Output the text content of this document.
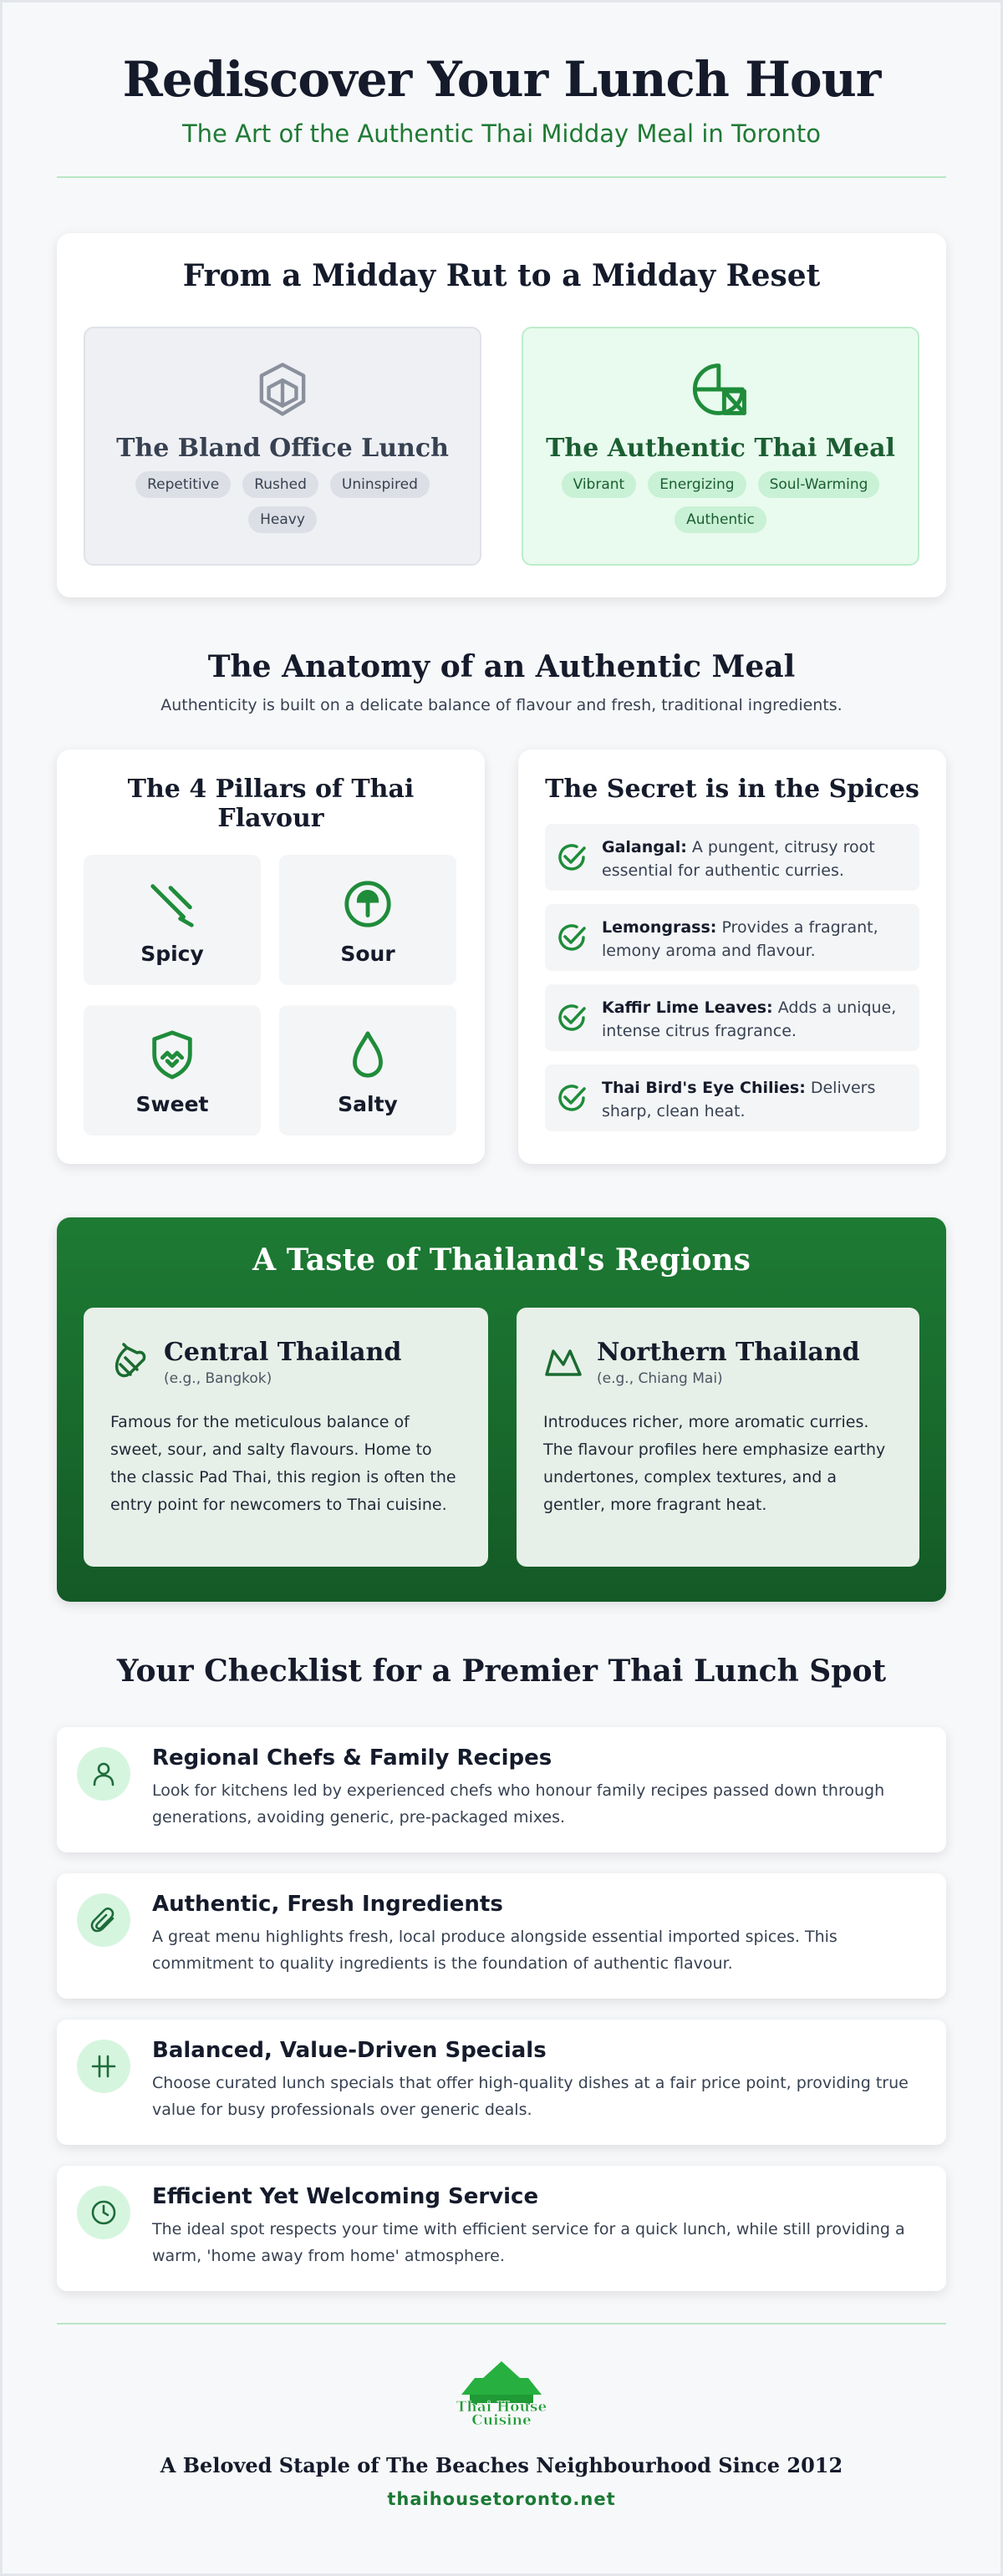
Rediscover Your Lunch Hour
The Art of the Authentic Thai Midday Meal in Toronto
From a Midday Rut to a Midday Reset
The Bland Office Lunch
Repetitive	Rushed	Uninspired
Heavy
The Authentic Thai Meal
Vibrant	Energizing	Soul-Warming
Authentic
The Anatomy of an Authentic Meal

Authenticity is built on a delicate balance of flavour and fresh, traditional ingredients.

The 4 Pillars of Thai Flavour
Spicy	Sour
Sweet	Salty
The Secret is in the Spices
Galangal: A pungent, citrusy root essential for authentic curries.
Lemongrass: Provides a fragrant, lemony aroma and flavour.
Kaffir Lime Leaves: Adds a unique, intense citrus fragrance.
Thai Bird's Eye Chilies: Delivers sharp, clean heat.
A Taste of Thailand's Regions
Central Thailand
(e.g., Bangkok)

Famous for the meticulous balance of sweet, sour, and salty flavours. Home to the classic Pad Thai, this region is often the entry point for newcomers to Thai cuisine.

Northern Thailand
(e.g., Chiang Mai)

Introduces richer, more aromatic curries. The flavour profiles here emphasize earthy undertones, complex textures, and a gentler, more fragrant heat.

Your Checklist for a Premier Thai Lunch Spot
Regional Chefs & Family Recipes

Look for kitchens led by experienced chefs who honour family recipes passed down through generations, avoiding generic, pre-packaged mixes.

Authentic, Fresh Ingredients

A great menu highlights fresh, local produce alongside essential imported spices. This commitment to quality ingredients is the foundation of authentic flavour.

Balanced, Value-Driven Specials

Choose curated lunch specials that offer high-quality dishes at a fair price point, providing true value for busy professionals over generic deals.

Efficient Yet Welcoming Service

The ideal spot respects your time with efficient service for a quick lunch, while still providing a warm, 'home away from home' atmosphere.

Thai House
Cuisine
A Beloved Staple of The Beaches Neighbourhood Since 2012
thaihousetoronto.net
